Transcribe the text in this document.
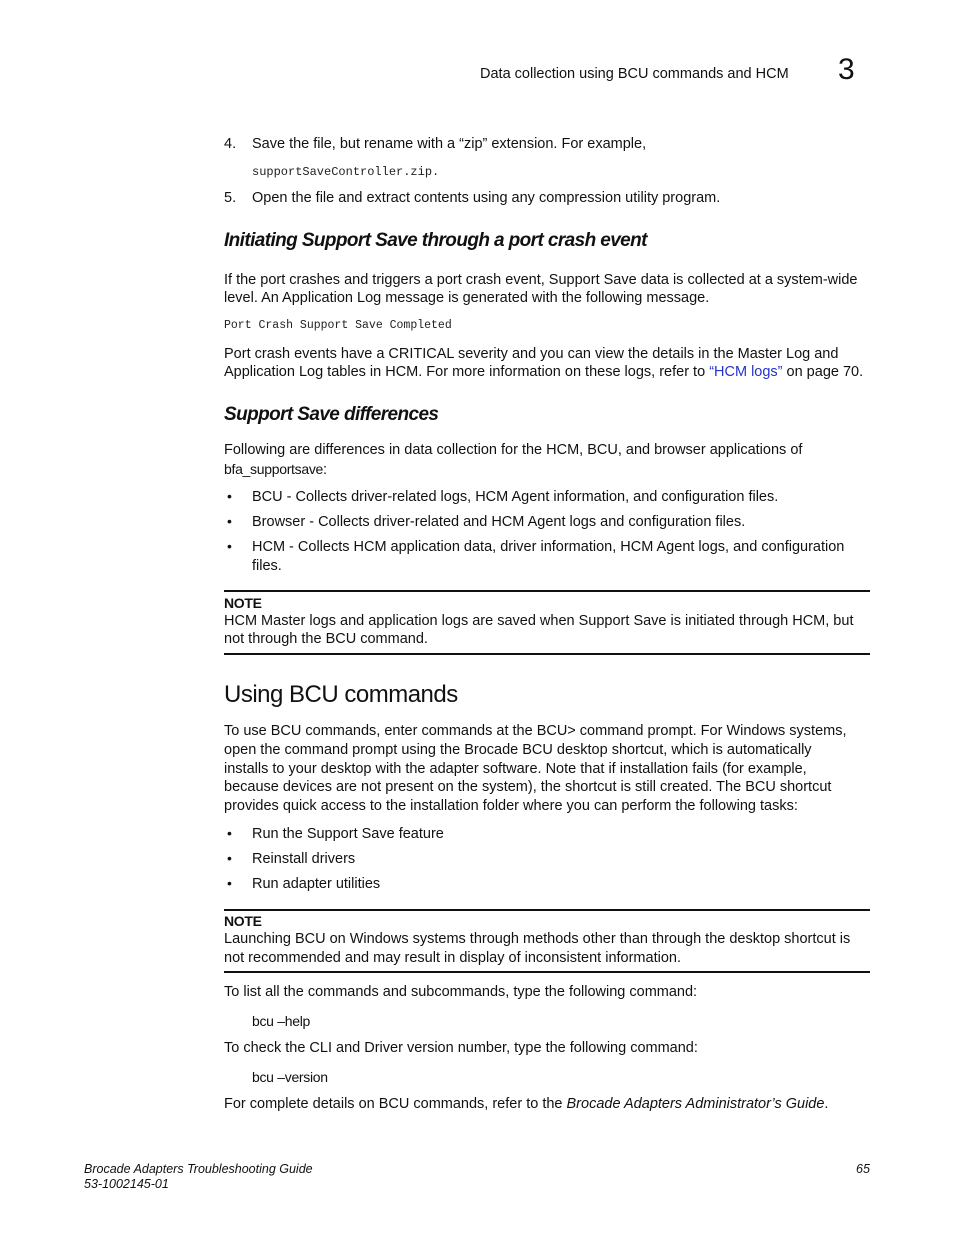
Data collection using BCU commands and HCM 3
4. Save the file, but rename with a “zip” extension. For example,
supportSaveController.zip.
5. Open the file and extract contents using any compression utility program.
Initiating Support Save through a port crash event
If the port crashes and triggers a port crash event, Support Save data is collected at a system-wide
level. An Application Log message is generated with the following message.
Port Crash Support Save Completed
Port crash events have a CRITICAL severity and you can view the details in the Master Log and
Application Log tables in HCM. For more information on these logs, refer to “HCM logs” on page 70.
Support Save differences
Following are differences in data collection for the HCM, BCU, and browser applications of
bfa_supportsave:
• BCU - Collects driver-related logs, HCM Agent information, and configuration files.
• Browser - Collects driver-related and HCM Agent logs and configuration files.
• HCM - Collects HCM application data, driver information, HCM Agent logs, and configuration
files.
NOTE
HCM Master logs and application logs are saved when Support Save is initiated through HCM, but
not through the BCU command.
Using BCU commands
To use BCU commands, enter commands at the BCU> command prompt. For Windows systems,
open the command prompt using the Brocade BCU desktop shortcut, which is automatically
installs to your desktop with the adapter software. Note that if installation fails (for example,
because devices are not present on the system), the shortcut is still created. The BCU shortcut
provides quick access to the installation folder where you can perform the following tasks:
• Run the Support Save feature
• Reinstall drivers
• Run adapter utilities
NOTE
Launching BCU on Windows systems through methods other than through the desktop shortcut is
not recommended and may result in display of inconsistent information.
To list all the commands and subcommands, type the following command:
bcu –help
To check the CLI and Driver version number, type the following command:
bcu –version
For complete details on BCU commands, refer to the Brocade Adapters Administrator’s Guide.
Brocade Adapters Troubleshooting Guide
53-1002145-01
65
